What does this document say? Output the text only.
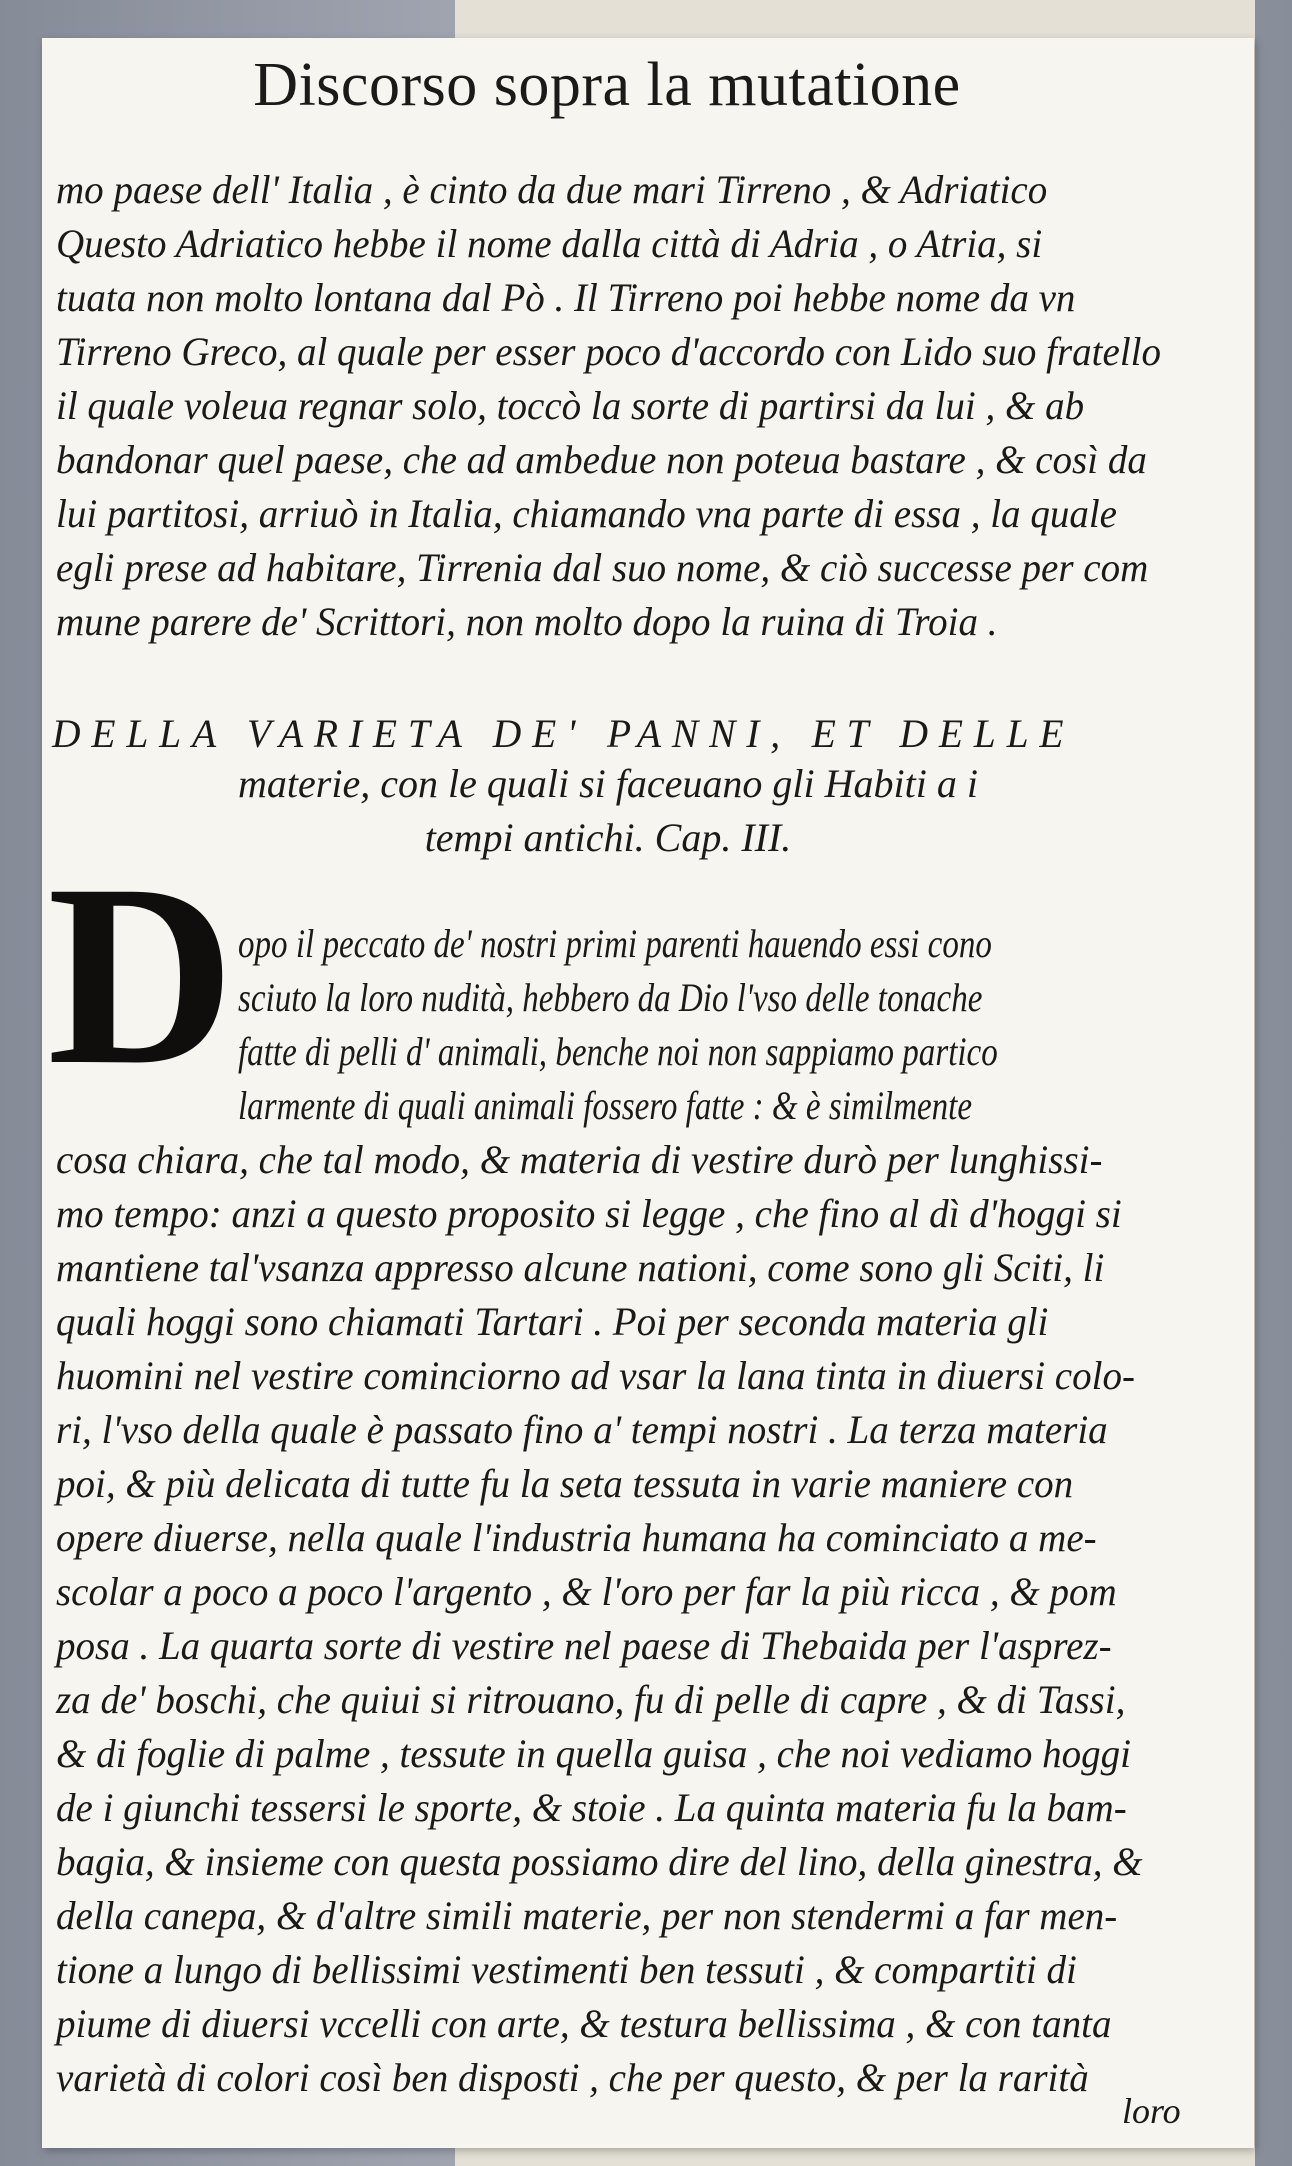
Discorso sopra la mutatione
mo paese dell' Italia , è cinto da due mari Tirreno , & Adriatico
Questo Adriatico hebbe il nome dalla città di Adria , o Atria, si
tuata non molto lontana dal Pò . Il Tirreno poi hebbe nome da vn
Tirreno Greco, al quale per esser poco d'accordo con Lido suo fratello
il quale voleua regnar solo, toccò la sorte di partirsi da lui , & ab
bandonar quel paese, che ad ambedue non poteua bastare , & così da
lui partitosi, arriuò in Italia, chiamando vna parte di essa , la quale
egli prese ad habitare, Tirrenia dal suo nome, & ciò successe per com
mune parere de' Scrittori, non molto dopo la ruina di Troia .
DELLA VARIETA DE' PANNI, ET DELLE
materie, con le quali si faceuano gli Habiti a i
tempi antichi. Cap. III.
D opo il peccato de' nostri primi parenti hauendo essi cono
sciuto la loro nudità, hebbero da Dio l'vso delle tonache
fatte di pelli d' animali, benche noi non sappiamo partico
larmente di quali animali fossero fatte : & è similmente
cosa chiara, che tal modo, & materia di vestire durò per lunghissi-
mo tempo: anzi a questo proposito si legge , che fino al dì d'hoggi si
mantiene tal'vsanza appresso alcune nationi, come sono gli Sciti, li
quali hoggi sono chiamati Tartari . Poi per seconda materia gli
huomini nel vestire cominciorno ad vsar la lana tinta in diuersi colo-
ri, l'vso della quale è passato fino a' tempi nostri . La terza materia
poi, & più delicata di tutte fu la seta tessuta in varie maniere con
opere diuerse, nella quale l'industria humana ha cominciato a me-
scolar a poco a poco l'argento , & l'oro per far la più ricca , & pom
posa . La quarta sorte di vestire nel paese di Thebaida per l'asprez-
za de' boschi, che quiui si ritrouano, fu di pelle di capre , & di Tassi,
& di foglie di palme , tessute in quella guisa , che noi vediamo hoggi
de i giunchi tessersi le sporte, & stoie . La quinta materia fu la bam-
bagia, & insieme con questa possiamo dire del lino, della ginestra, &
della canepa, & d'altre simili materie, per non stendermi a far men-
tione a lungo di bellissimi vestimenti ben tessuti , & compartiti di
piume di diuersi vccelli con arte, & testura bellissima , & con tanta
varietà di colori così ben disposti , che per questo, & per la rarità
loro
